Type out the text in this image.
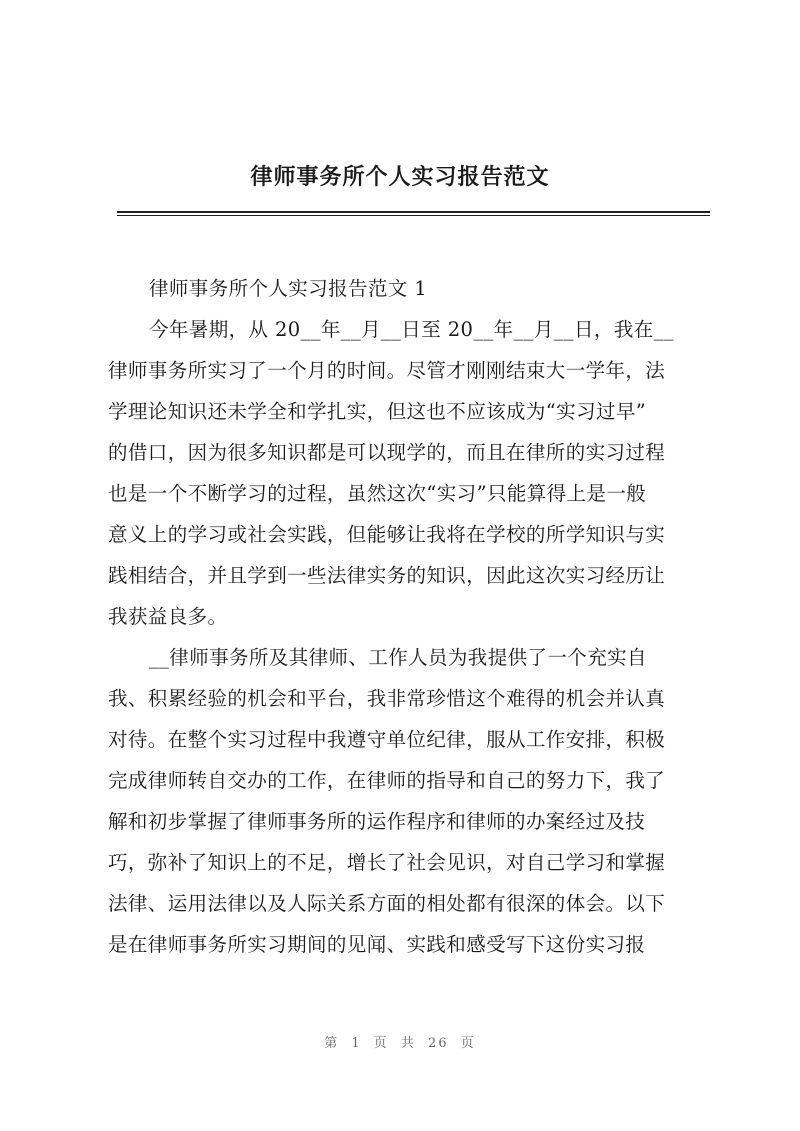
律师事务所个人实习报告范文
律师事务所个人实习报告范文 1
今年暑期，从 20__年__月__日至 20__年__月__日，我在__
律师事务所实习了一个月的时间。尽管才刚刚结束大一学年，法
学理论知识还未学全和学扎实，但这也不应该成为“实习过早”
的借口，因为很多知识都是可以现学的，而且在律所的实习过程
也是一个不断学习的过程，虽然这次“实习”只能算得上是一般
意义上的学习或社会实践，但能够让我将在学校的所学知识与实
践相结合，并且学到一些法律实务的知识，因此这次实习经历让
我获益良多。
__律师事务所及其律师、工作人员为我提供了一个充实自
我、积累经验的机会和平台，我非常珍惜这个难得的机会并认真
对待。在整个实习过程中我遵守单位纪律，服从工作安排，积极
完成律师转自交办的工作，在律师的指导和自己的努力下，我了
解和初步掌握了律师事务所的运作程序和律师的办案经过及技
巧，弥补了知识上的不足，增长了社会见识，对自己学习和掌握
法律、运用法律以及人际关系方面的相处都有很深的体会。以下
是在律师事务所实习期间的见闻、实践和感受写下这份实习报
第 1 页 共 26 页
